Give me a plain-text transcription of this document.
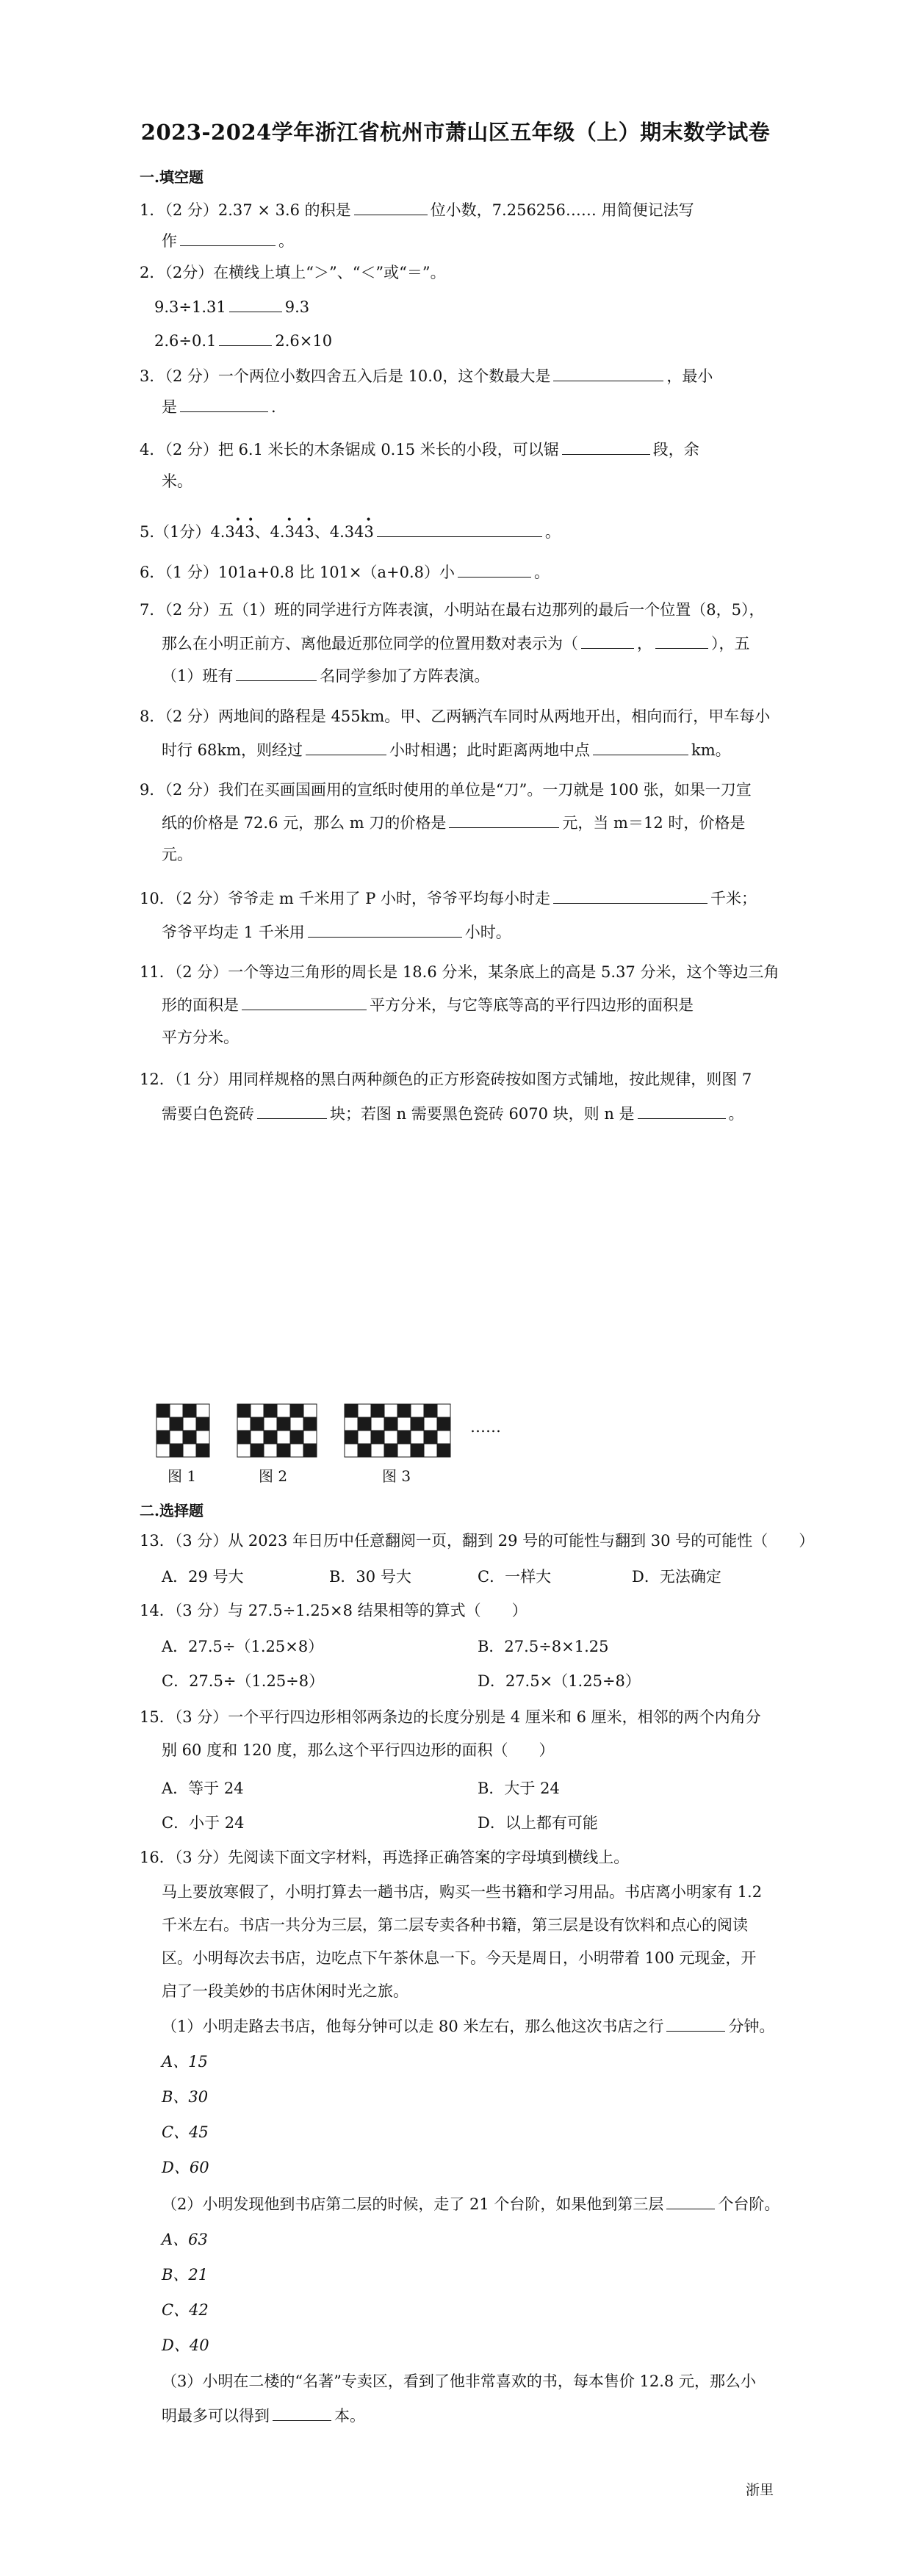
2023-2024学年浙江省杭州市萧山区五年级（上）期末数学试卷
一.填空题
1．（2 分）2.37 × 3.6 的积是	位小数，7.256256…… 用简便记法写
作	。
2．（2分）在横线上填上“＞”、“＜”或“＝”。
9.3÷1.31	9.3
2.6÷0.1	2.6×10
3．（2 分）一个两位小数四舍五入后是 10.0，这个数最大是	，最小
是	.
4．（2 分）把 6.1 米长的木条锯成 0.15 米长的小段，可以锯	段，余
米。
5.（1分）4.3• • 43、4.• 34• 3、4.34• 3	。
6．（1 分）101a+0.8 比 101×（a+0.8）小	。
7．（2 分）五（1）班的同学进行方阵表演，小明站在最右边那列的最后一个位置（8，5），
那么在小明正前方、离他最近那位同学的位置用数对表示为（	，	），五
（1）班有	名同学参加了方阵表演。
8．（2 分）两地间的路程是 455km。甲、乙两辆汽车同时从两地开出，相向而行，甲车每小
时行 68km，则经过	小时相遇；此时距离两地中点	km。
9．（2 分）我们在买画国画用的宣纸时使用的单位是“刀”。一刀就是 100 张，如果一刀宣
纸的价格是 72.6 元，那么 m 刀的价格是	元，当 m＝12 时，价格是
元。
10．（2 分）爷爷走 m 千米用了 P 小时，爷爷平均每小时走	千米；
爷爷平均走 1 千米用	小时。
11．（2 分）一个等边三角形的周长是 18.6 分米，某条底上的高是 5.37 分米，这个等边三角
形的面积是	平方分米，与它等底等高的平行四边形的面积是
平方分米。
12．（1 分）用同样规格的黑白两种颜色的正方形瓷砖按如图方式铺地，按此规律，则图 7
需要白色瓷砖	块；若图 n 需要黑色瓷砖 6070 块，则 n 是	。
……
图 1	图 2	图 3
二.选择题
13．（3 分）从 2023 年日历中任意翻阅一页，翻到 29 号的可能性与翻到 30 号的可能性（　　）
A．29 号大	B．30 号大	C．一样大	D．无法确定
14．（3 分）与 27.5÷1.25×8 结果相等的算式（　　）
A．27.5÷（1.25×8）	B．27.5÷8×1.25
C．27.5÷（1.25÷8）	D．27.5×（1.25÷8）
15．（3 分）一个平行四边形相邻两条边的长度分别是 4 厘米和 6 厘米，相邻的两个内角分
别 60 度和 120 度，那么这个平行四边形的面积（　　）
A．等于 24	B．大于 24
C．小于 24	D．以上都有可能
16．（3 分）先阅读下面文字材料，再选择正确答案的字母填到横线上。
马上要放寒假了，小明打算去一趟书店，购买一些书籍和学习用品。书店离小明家有 1.2
千米左右。书店一共分为三层，第二层专卖各种书籍，第三层是设有饮料和点心的阅读
区。小明每次去书店，边吃点下午茶休息一下。今天是周日，小明带着 100 元现金，开
启了一段美妙的书店休闲时光之旅。
（1）小明走路去书店，他每分钟可以走 80 米左右，那么他这次书店之行	分钟。
A、15
B、30
C、45
D、60
（2）小明发现他到书店第二层的时候，走了 21 个台阶，如果他到第三层	个台阶。
A、63
B、21
C、42
D、40
（3）小明在二楼的“名著”专卖区，看到了他非常喜欢的书，每本售价 12.8 元，那么小
明最多可以得到	本。
浙里
